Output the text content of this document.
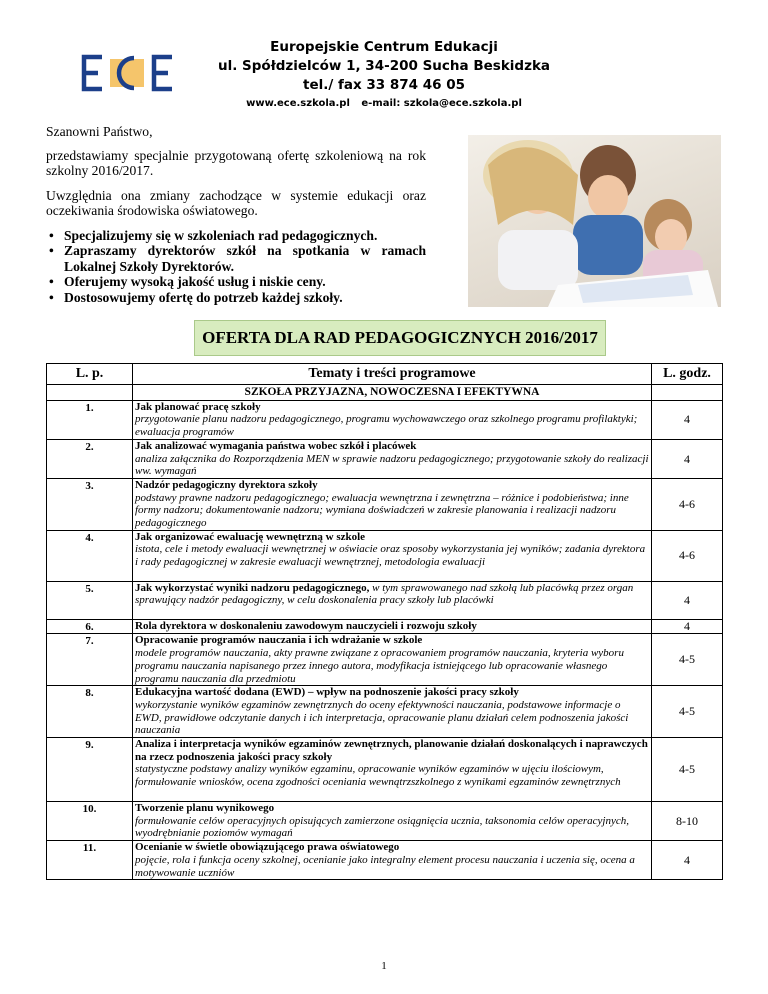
Europejskie Centrum Edukacji
ul. Spółdzielców 1, 34-200 Sucha Beskidzka
tel./ fax 33 874 46 05
www.ece.szkola.pl e-mail: szkola@ece.szkola.pl

Szanowni Państwo,

przedstawiamy specjalnie przygotowaną ofertę szkoleniową na rok szkolny 2016/2017.

Uwzględnia ona zmiany zachodzące w systemie edukacji oraz oczekiwania środowiska oświatowego.

• Specjalizujemy się w szkoleniach rad pedagogicznych.
• Zapraszamy dyrektorów szkół na spotkania w ramach Lokalnej Szkoły Dyrektorów.
• Oferujemy wysoką jakość usług i niskie ceny.
• Dostosowujemy ofertę do potrzeb każdej szkoły.
OFERTA DLA RAD PEDAGOGICZNYCH 2016/2017
L. p.	Tematy i treści programowe	L. godz.
	SZKOŁA PRZYJAZNA, NOWOCZESNA I EFEKTYWNA	
1.	Jak planować pracę szkoły
przygotowanie planu nadzoru pedagogicznego, programu wychowawczego oraz szkolnego programu profilaktyki; ewaluacja programów	4
2.	Jak analizować wymagania państwa wobec szkół i placówek
analiza załącznika do Rozporządzenia MEN w sprawie nadzoru pedagogicznego; przygotowanie szkoły do realizacji ww. wymagań	4
3.	Nadzór pedagogiczny dyrektora szkoły
podstawy prawne nadzoru pedagogicznego; ewaluacja wewnętrzna i zewnętrzna – różnice i podobieństwa; inne formy nadzoru; dokumentowanie nadzoru; wymiana doświadczeń w zakresie planowania i realizacji nadzoru pedagogicznego	4-6
4.	Jak organizować ewaluację wewnętrzną w szkole
istota, cele i metody ewaluacji wewnętrznej w oświacie oraz sposoby wykorzystania jej wyników; zadania dyrektora i rady pedagogicznej w zakresie ewaluacji wewnętrznej, metodologia ewaluacji	4-6
5.	Jak wykorzystać wyniki nadzoru pedagogicznego, w tym sprawowanego nad szkołą lub placówką przez organ sprawujący nadzór pedagogiczny, w celu doskonalenia pracy szkoły lub placówki	4
6.	Rola dyrektora w doskonaleniu zawodowym nauczycieli i rozwoju szkoły	4
7.	Opracowanie programów nauczania i ich wdrażanie w szkole
modele programów nauczania, akty prawne związane z opracowaniem programów nauczania, kryteria wyboru programu nauczania napisanego przez innego autora, modyfikacja istniejącego lub opracowanie własnego programu nauczania dla przedmiotu	4-5
8.	Edukacyjna wartość dodana (EWD) – wpływ na podnoszenie jakości pracy szkoły
wykorzystanie wyników egzaminów zewnętrznych do oceny efektywności nauczania, podstawowe informacje o EWD, prawidłowe odczytanie danych i ich interpretacja, opracowanie planu działań celem podnoszenia jakości nauczania	4-5
9.	Analiza i interpretacja wyników egzaminów zewnętrznych, planowanie działań doskonalących i naprawczych na rzecz podnoszenia jakości pracy szkoły
statystyczne podstawy analizy wyników egzaminu, opracowanie wyników egzaminów w ujęciu ilościowym, formułowanie wniosków, ocena zgodności oceniania wewnątrzszkolnego z wynikami egzaminów zewnętrznych	4-5
10.	Tworzenie planu wynikowego
formułowanie celów operacyjnych opisujących zamierzone osiągnięcia ucznia, taksonomia celów operacyjnych, wyodrębnianie poziomów wymagań	8-10
11.	Ocenianie w świetle obowiązującego prawa oświatowego
pojęcie, rola i funkcja oceny szkolnej, ocenianie jako integralny element procesu nauczania i uczenia się, ocena a motywowanie uczniów	4
1
